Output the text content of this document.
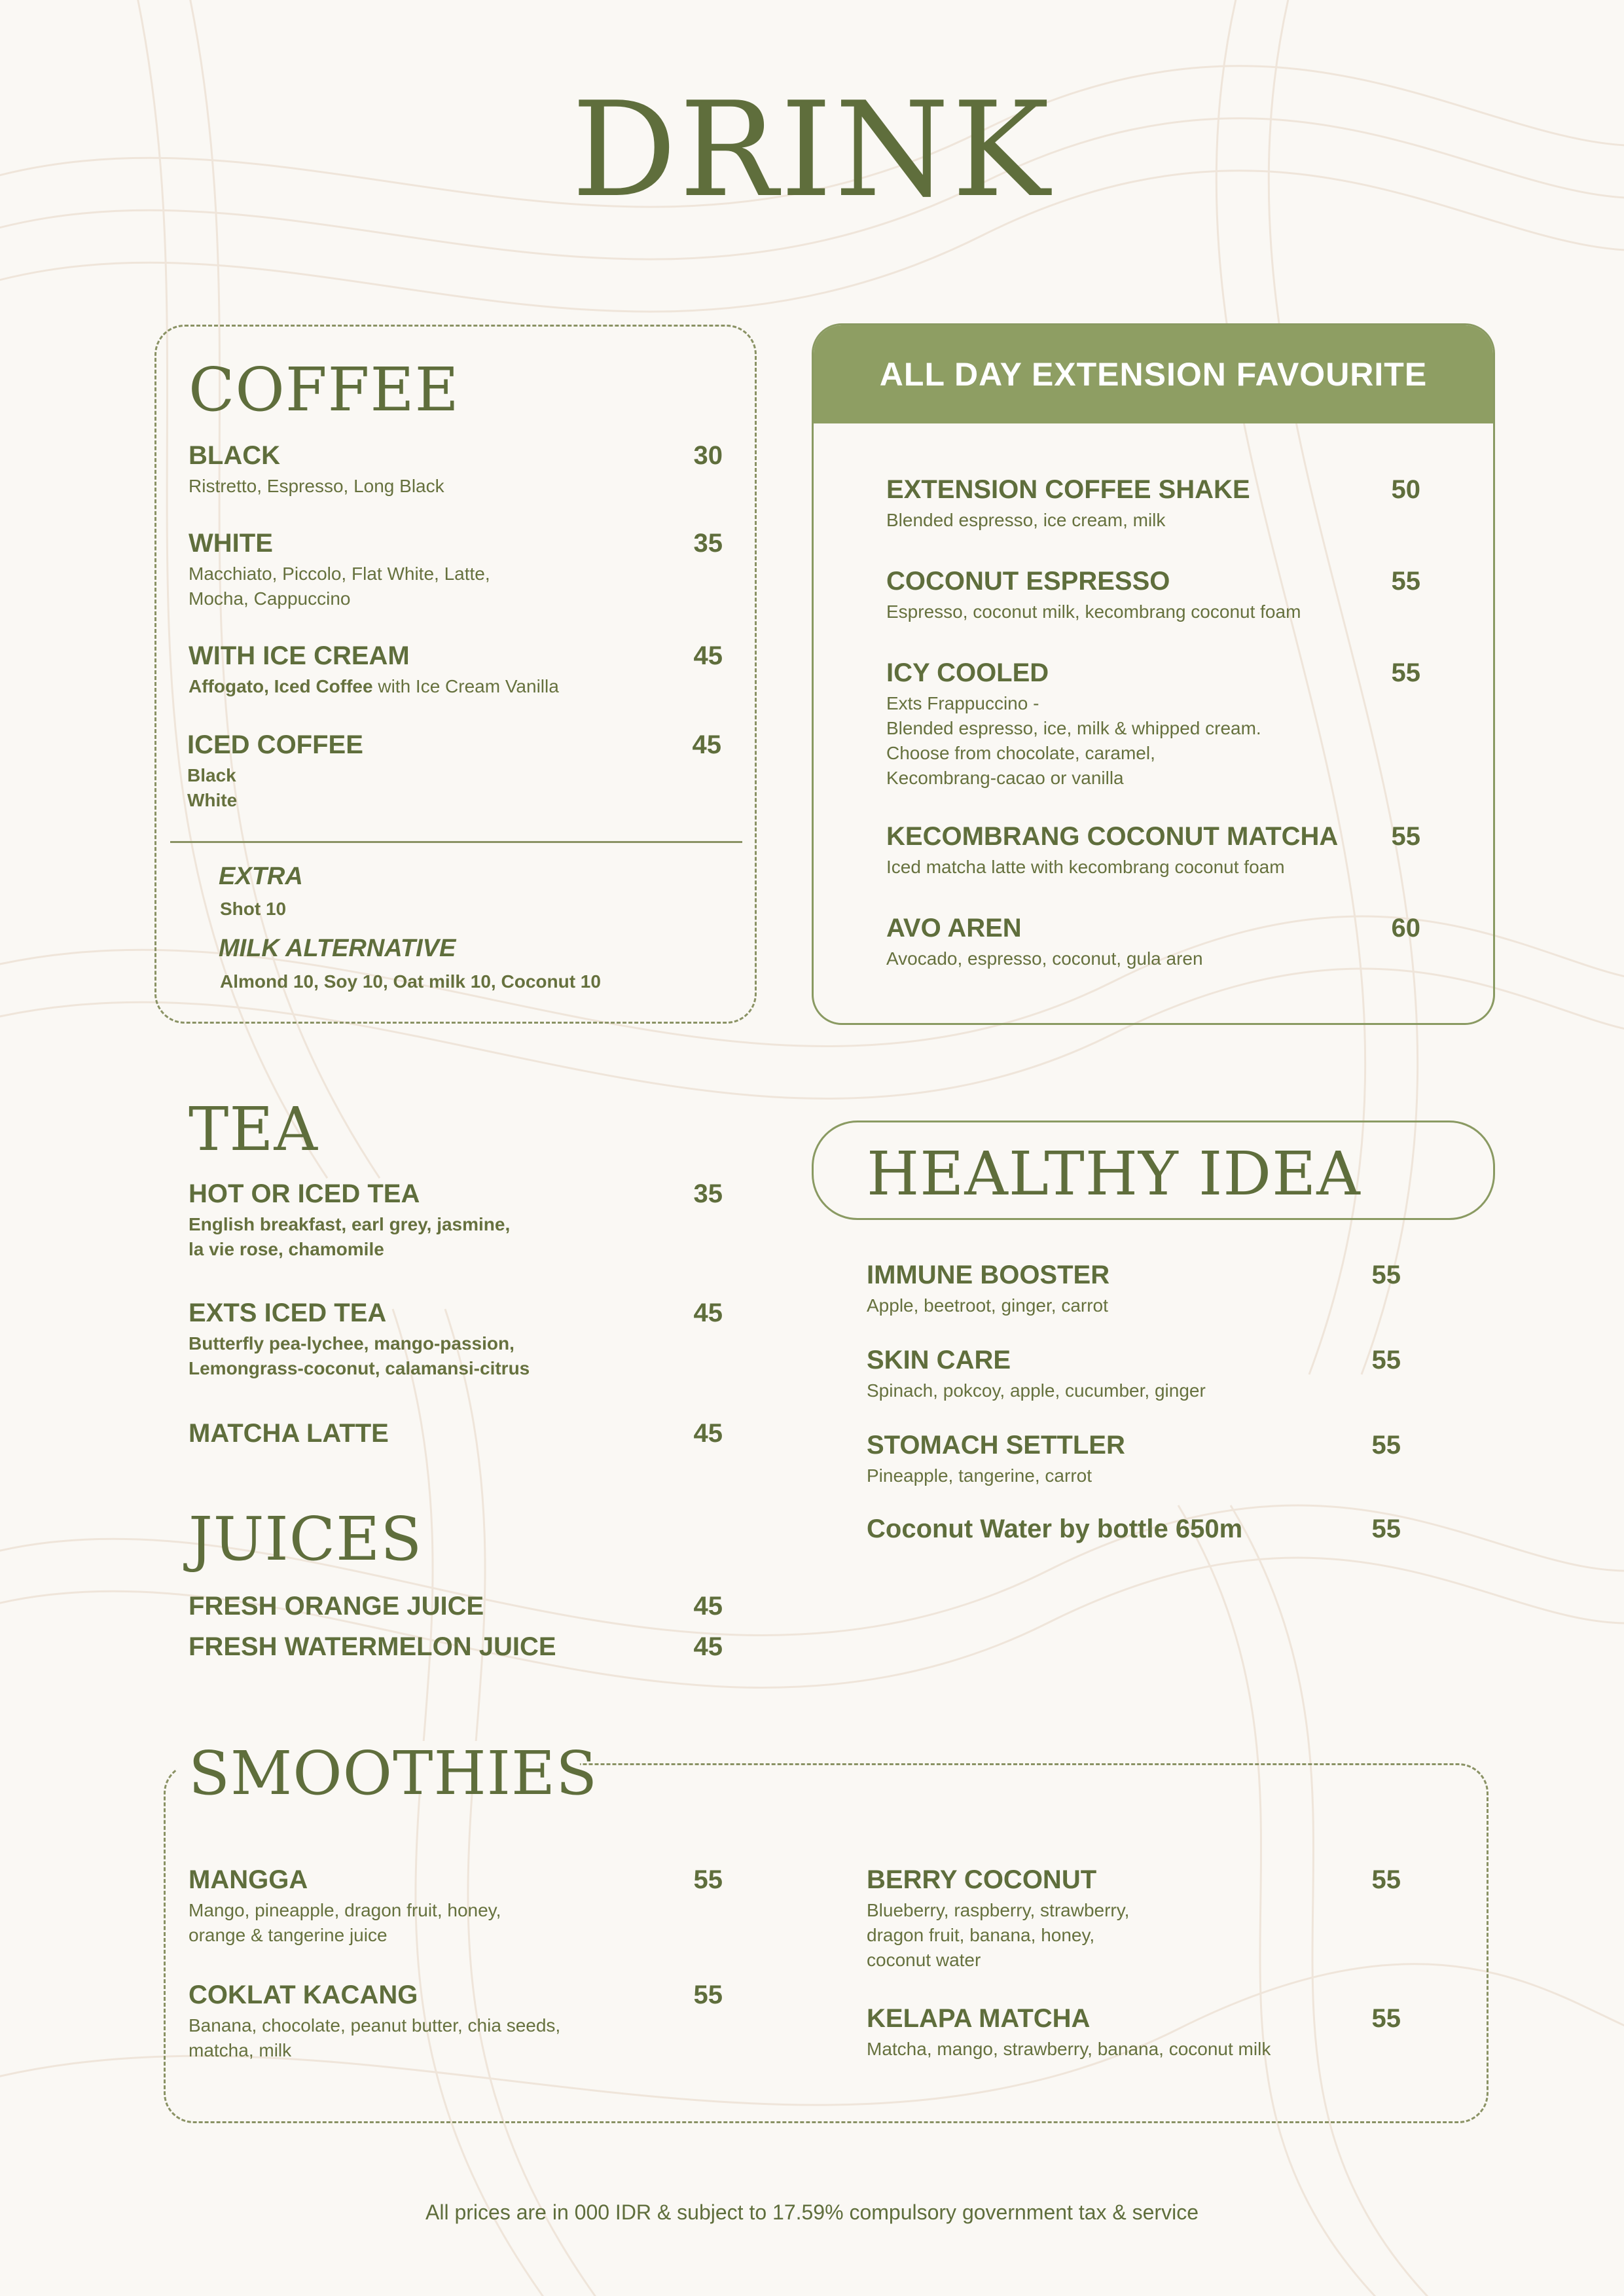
DRINK
COFFEE
BLACK
Ristretto, Espresso, Long Black
30
WHITE
Macchiato, Piccolo, Flat White, Latte,
Mocha, Cappuccino
35
WITH ICE CREAM
Affogato, Iced Coffee with Ice Cream Vanilla
45
ICED COFFEE
Black
White
45
EXTRA
Shot 10
MILK ALTERNATIVE
Almond 10, Soy 10, Oat milk 10, Coconut 10
ALL DAY EXTENSION FAVOURITE
EXTENSION COFFEE SHAKE
Blended espresso, ice cream, milk
50
COCONUT ESPRESSO
Espresso, coconut milk, kecombrang coconut foam
55
ICY COOLED
Exts Frappuccino -
Blended espresso, ice, milk & whipped cream.
Choose from chocolate, caramel,
Kecombrang-cacao or vanilla
55
KECOMBRANG COCONUT MATCHA
Iced matcha latte with kecombrang coconut foam
55
AVO AREN
Avocado, espresso, coconut, gula aren
60
TEA
HOT OR ICED TEA
English breakfast, earl grey, jasmine,
la vie rose, chamomile
35
EXTS ICED TEA
Butterfly pea-lychee, mango-passion,
Lemongrass-coconut, calamansi-citrus
45
MATCHA LATTE	45
JUICES
FRESH ORANGE JUICE	45
FRESH WATERMELON JUICE	45
HEALTHY IDEA
IMMUNE BOOSTER
Apple, beetroot, ginger, carrot
55
SKIN CARE
Spinach, pokcoy, apple, cucumber, ginger
55
STOMACH SETTLER
Pineapple, tangerine, carrot
55
Coconut Water by bottle 650m	55
SMOOTHIES
MANGGA
Mango, pineapple, dragon fruit, honey,
orange & tangerine juice
55
COKLAT KACANG
Banana, chocolate, peanut butter, chia seeds,
matcha, milk
55
BERRY COCONUT
Blueberry, raspberry, strawberry,
dragon fruit, banana, honey,
coconut water
55
KELAPA MATCHA
Matcha, mango, strawberry, banana, coconut milk
55
All prices are in 000 IDR & subject to 17.59% compulsory government tax & service
